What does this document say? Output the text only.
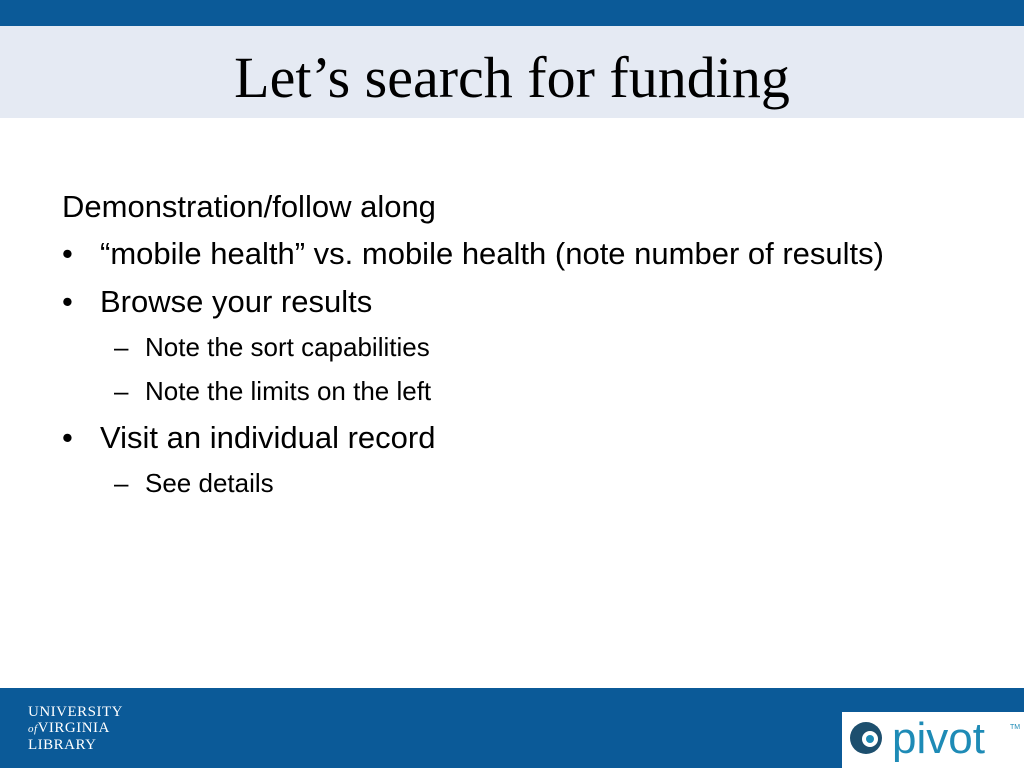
Let’s search for funding

Demonstration/follow along

• “mobile health” vs. mobile health (note number of results)
• Browse your results
– Note the sort capabilities
– Note the limits on the left
• Visit an individual record
– See details
UNIVERSITY
ofVIRGINIA
LIBRARY	pivot	TM
